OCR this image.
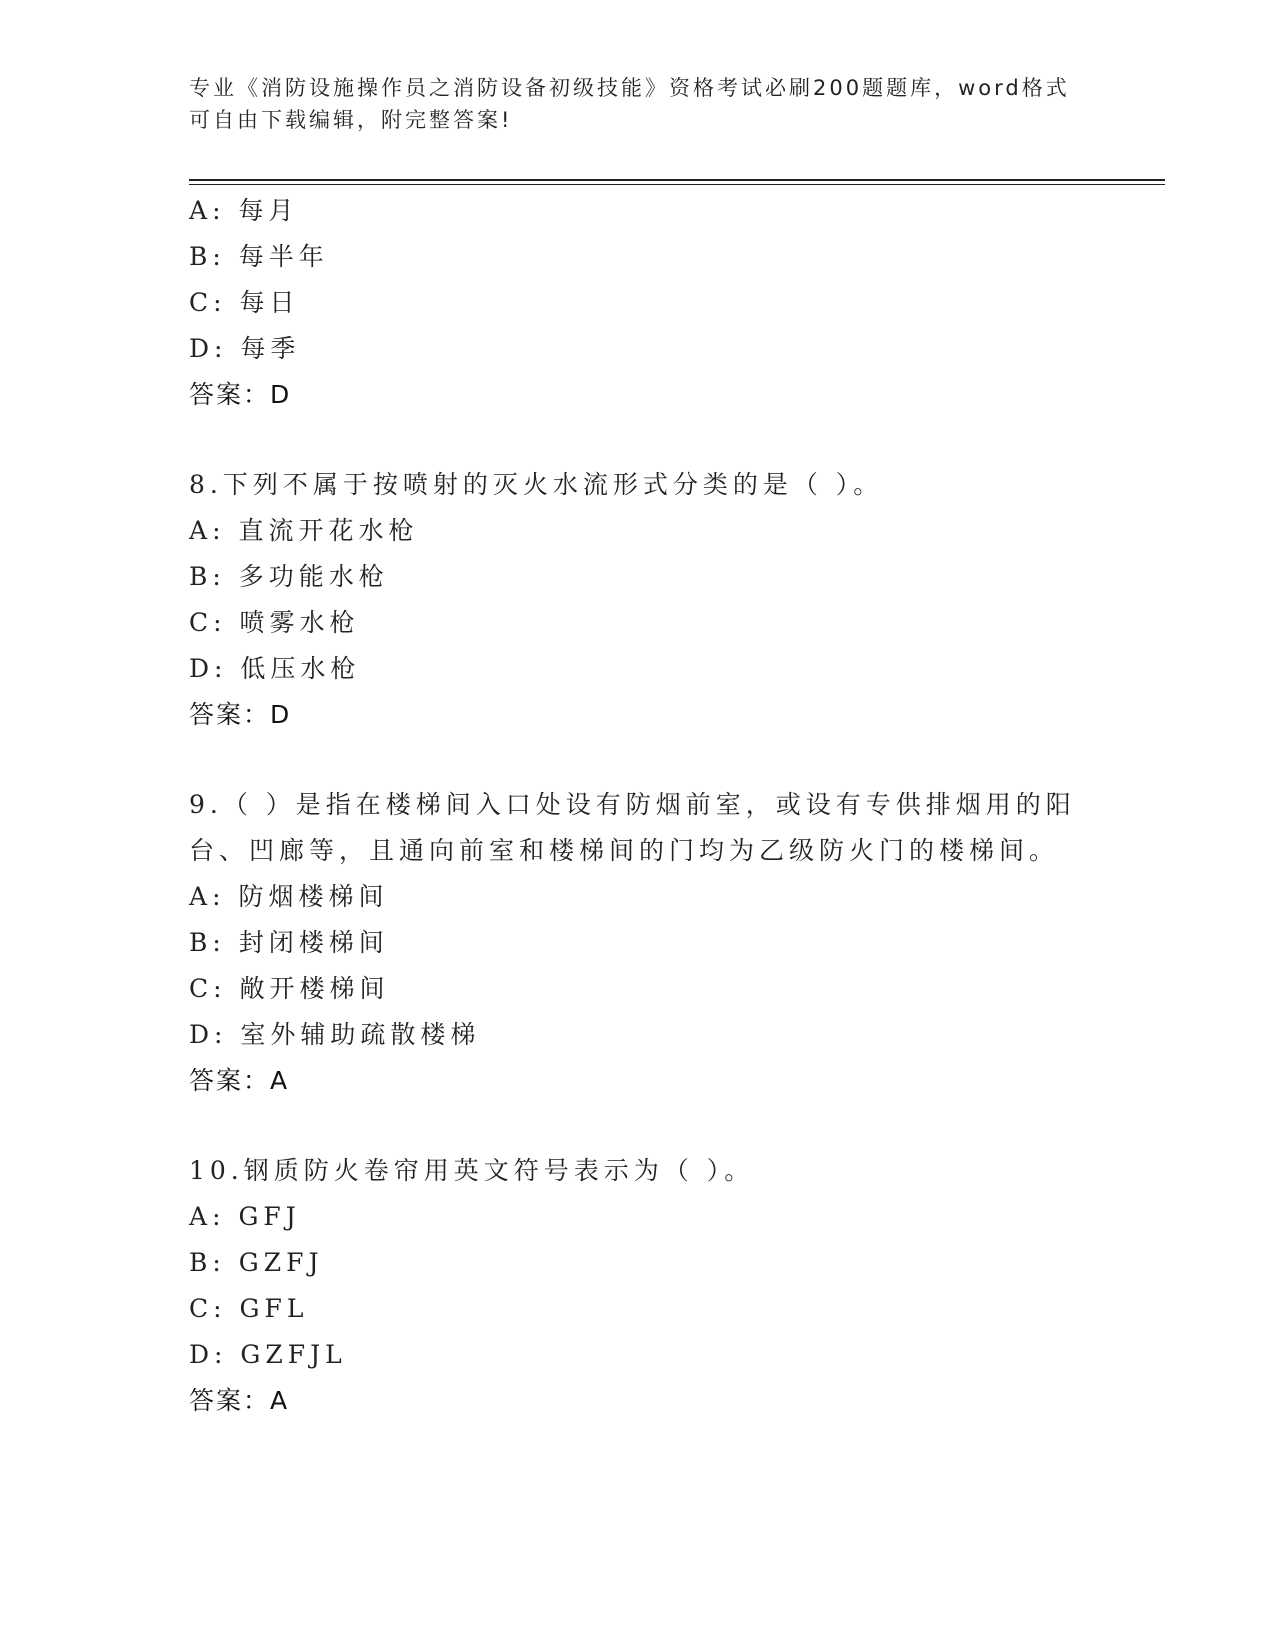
专业《消防设施操作员之消防设备初级技能》资格考试必刷200题题库，word格式可自由下载编辑，附完整答案!
A : 每月
B : 每半年
C : 每日
D : 每季
答案：D
8.下列不属于按喷射的灭火水流形式分类的是（ ）。
A : 直流开花水枪
B : 多功能水枪
C : 喷雾水枪
D : 低压水枪
答案：D
9.（ ）是指在楼梯间入口处设有防烟前室，或设有专供排烟用的阳台、凹廊等，且通向前室和楼梯间的门均为乙级防火门的楼梯间。
A : 防烟楼梯间
B : 封闭楼梯间
C : 敞开楼梯间
D : 室外辅助疏散楼梯
答案：A
10.钢质防火卷帘用英文符号表示为（ ）。
A : GFJ
B : GZFJ
C : GFL
D : GZFJL
答案：A
